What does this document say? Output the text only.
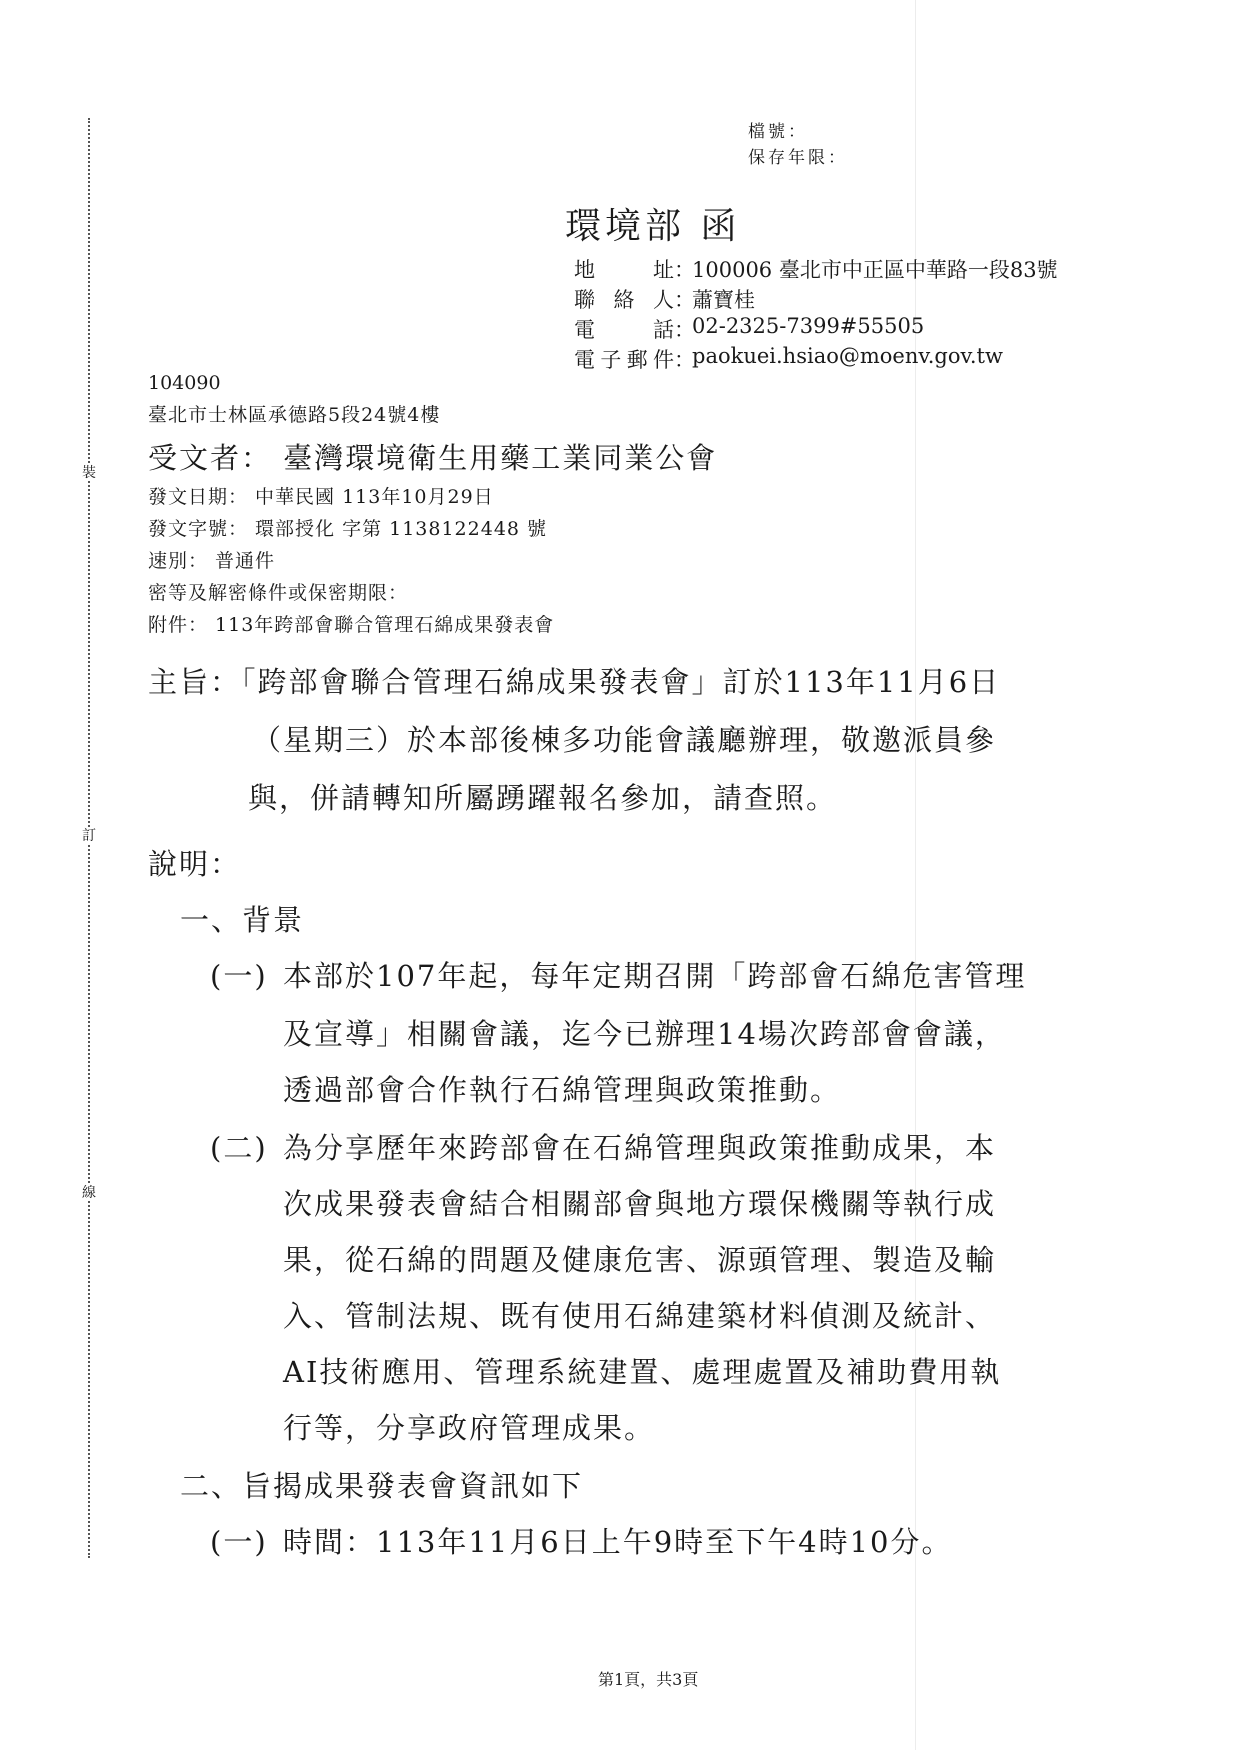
裝
訂
線
檔號：
保存年限：
環境部 函
地址 ：
100006 臺北市中正區中華路一段83號
聯絡人 ：
蕭寶桂
電話 ：
02-2325-7399#55505
電子郵件 ：
paokuei.hsiao@moenv.gov.tw
104090
臺北市士林區承德路5段24號4樓
受文者： 臺灣環境衛生用藥工業同業公會
發文日期： 中華民國 113年10月29日
發文字號： 環部授化 字第 1138122448 號
速別： 普通件
密等及解密條件或保密期限：
附件： 113年跨部會聯合管理石綿成果發表會
主旨：「跨部會聯合管理石綿成果發表會」訂於113年11月6日
（星期三）於本部後棟多功能會議廳辦理，敬邀派員參
與，併請轉知所屬踴躍報名參加，請查照。
說明：
一、背景
(一) 本部於107年起，每年定期召開「跨部會石綿危害管理
及宣導」相關會議，迄今已辦理14場次跨部會會議，
透過部會合作執行石綿管理與政策推動。
(二) 為分享歷年來跨部會在石綿管理與政策推動成果，本
次成果發表會結合相關部會與地方環保機關等執行成
果，從石綿的問題及健康危害、源頭管理、製造及輸
入、管制法規、既有使用石綿建築材料偵測及統計、
AI技術應用、管理系統建置、處理處置及補助費用執
行等，分享政府管理成果。
二、旨揭成果發表會資訊如下
(一) 時間：113年11月6日上午9時至下午4時10分。
第1頁，共3頁
